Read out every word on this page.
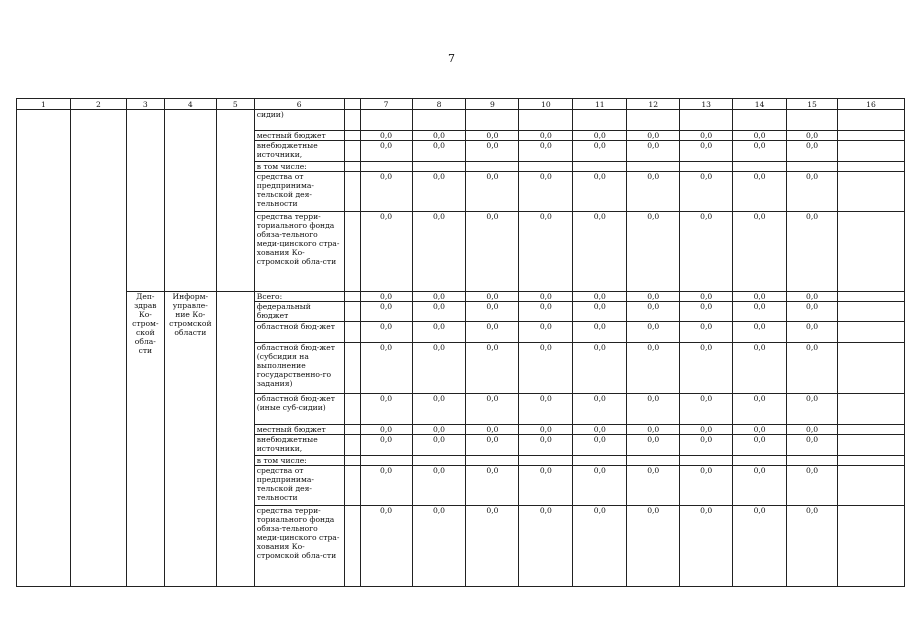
7
1	2	3	4	5	6		7	8	9	10	11	12	13	14	15	16
					сидии)											
					местный бюджет		0,0	0,0	0,0	0,0	0,0	0,0	0,0	0,0	0,0	
					внебюджетные источники,		0,0	0,0	0,0	0,0	0,0	0,0	0,0	0,0	0,0	
					в том числе:											
					средства от предпринима-тельской дея-тельности		0,0	0,0	0,0	0,0	0,0	0,0	0,0	0,0	0,0	
					средства терри-ториального фонда обяза-тельного меди-цинского стра-хования Ко-стромской обла-сти		0,0	0,0	0,0	0,0	0,0	0,0	0,0	0,0	0,0	
		Деп-здрав Ко-стром-ской обла-сти	Информ-управле-ние Ко-стромской области		Всего:		0,0	0,0	0,0	0,0	0,0	0,0	0,0	0,0	0,0	
					федеральный бюджет		0,0	0,0	0,0	0,0	0,0	0,0	0,0	0,0	0,0	
					областной бюд-жет		0,0	0,0	0,0	0,0	0,0	0,0	0,0	0,0	0,0	
					областной бюд-жет (субсидия на выполнение государственно-го задания)		0,0	0,0	0,0	0,0	0,0	0,0	0,0	0,0	0,0	
					областной бюд-жет (иные суб-сидии)		0,0	0,0	0,0	0,0	0,0	0,0	0,0	0,0	0,0	
					местный бюджет		0,0	0,0	0,0	0,0	0,0	0,0	0,0	0,0	0,0	
					внебюджетные источники,		0,0	0,0	0,0	0,0	0,0	0,0	0,0	0,0	0,0	
					в том числе:											
					средства от предпринима-тельской дея-тельности		0,0	0,0	0,0	0,0	0,0	0,0	0,0	0,0	0,0	
					средства терри-ториального фонда обяза-тельного меди-цинского стра-хования Ко-стромской обла-сти		0,0	0,0	0,0	0,0	0,0	0,0	0,0	0,0	0,0	
